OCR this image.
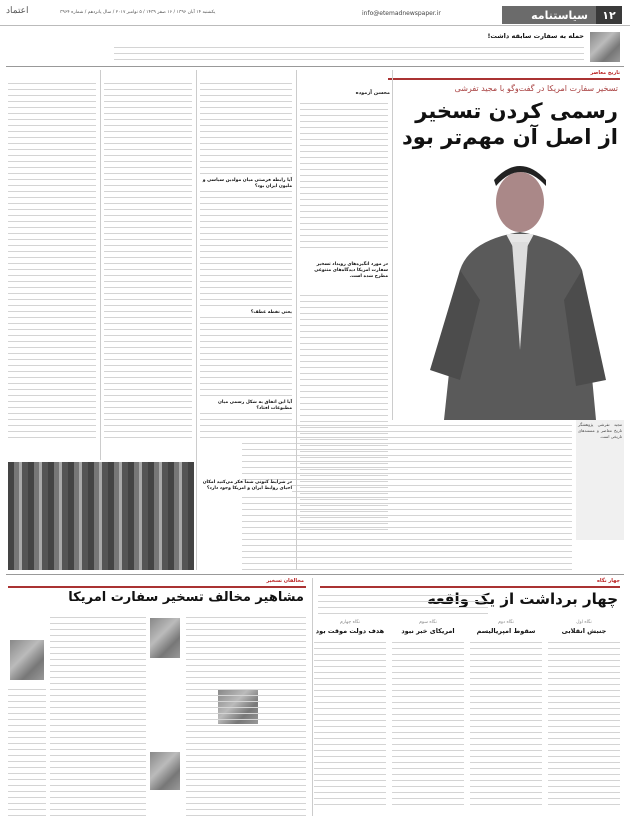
۱۲
سیاستنامه
info@etemadnewspaper.ir
یکشنبه ۱۴ آبان ۱۳۹۶ / ۱۶ صفر ۱۴۳۹ / ۵ نوامبر ۲۰۱۷ / سال پانزدهم / شماره ۳۹۶۴
اعتماد
حمله به سفارت سابقه داشت!
تاریخ معاصر
تسخیر سفارت امریکا در گفت‌وگو با مجید تفرشی
رسمی کردن تسخیر
از اصل آن مهم‌تر بود
مجید تفرشی پژوهشگر تاریخ معاصر و مستندهای تاریخی است.
محسن آزموده
در مورد انگیزه‌های رویداد تسخیر سفارت امریکا دیدگاه‌های متنوعی مطرح شده است.
آیا رابطه فرصتی میان مولدین سیاسی و ملیون ایران بود؟
یعنی نقطه عطف؟
آیا این اتفاق به شکل رسمی میان مطبوعات افتاد؟
در شرایط کنونی شما فکر می‌کنید امکان احیای روابط ایران و امریکا وجود دارد؟
چهار نگاه
چهار برداشت از یک واقعه
نگاه اول
جنبش انقلابی
نگاه دوم
سقوط امپریالیسم
نگاه سوم
امریکای خبر نبود
نگاه چهارم
هدف دولت موقت بود
مخالفان تسخیر
مشاهیر مخالف تسخیر سفارت امریکا
